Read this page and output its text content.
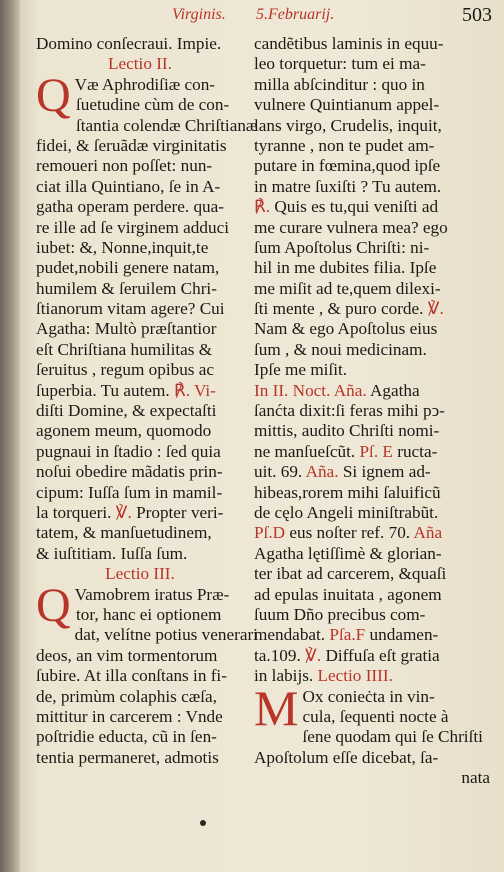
Virginis. 5.Februarij.	503
Domino conſecraui. Impie.
Lectio II.
Q Væ Aphrodiſiæ con-
ſuetudine cùm de con-
ſtantia colendæ Chriſtianæ
fidei, & ſeruãdæ virginitatis
remoueri non poſſet: nun-
ciat illa Quintiano, ſe in A-
gatha operam perdere. qua-
re ille ad ſe virginem adduci
iubet: &, Nonne,inquit,te
pudet,nobili genere natam,
humilem & ſeruilem Chri-
ſtianorum vitam agere? Cui
Agatha: Multò præſtantior
eſt Chriſtiana humilitas &
ſeruitus , regum opibus ac
ſuperbia. Tu autem. ℟. Vi-
diſti Domine, & expectaſti
agonem meum, quomodo
pugnaui in ſtadio : ſed quia
noſui obedire mãdatis prin-
cipum: Iuſſa ſum in mamil-
la torqueri. ℣. Propter veri-
tatem, & manſuetudinem,
& iuſtitiam. Iuſſa ſum.
Lectio III.
Q Vamobrem iratus Præ-
tor, hanc ei optionem
dat, velítne potius venerari
deos, an vim tormentorum
ſubire. At illa conſtans in fi-
de, primùm colaphis cæſa,
mittitur in carcerem : Vnde
poſtridie educta, cũ in ſen-
tentia permaneret, admotis
candẽtibus laminis in equu-
leo torquetur: tum ei ma-
milla abſcinditur : quo in
vulnere Quintianum appel-
lans virgo, Crudelis, inquit,
tyranne , non te pudet am-
putare in fœmina,quod ipſe
in matre ſuxiſti ? Tu autem.
℟. Quis es tu,qui veniſti ad
me curare vulnera mea? ego
ſum Apoſtolus Chriſti: ni-
hil in me dubites filia. Ipſe
me miſit ad te,quem dilexi-
ſti mente , & puro corde. ℣.
Nam & ego Apoſtolus eius
ſum , & noui medicinam.
Ipſe me miſit.
In II. Noct. Aña. Agatha
ſanćta dixit:ſi feras mihi pↄ-
mittis, audito Chriſti nomi-
ne manſueſcũt. Pſ. E ructa-
uit. 69. Aña. Si ignem ad-
hibeas,rorem mihi ſaluificũ
de cęlo Angeli miniſtrabũt.
Pſ.D eus noſter ref. 70. Aña
Agatha lętiſſimè & glorian-
ter ibat ad carcerem, &quaſi
ad epulas inuitata , agonem
ſuum Dño precibus com-
mendabat. Pſa.F undamen-
ta.109. ℣. Diffuſa eſt gratia
in labijs. Lectio IIII.
M Ox conieċta in vin-
cula, ſequenti nocte à
ſene quodam qui ſe Chriſti
Apoſtolum eſſe dicebat, ſa-
nata
